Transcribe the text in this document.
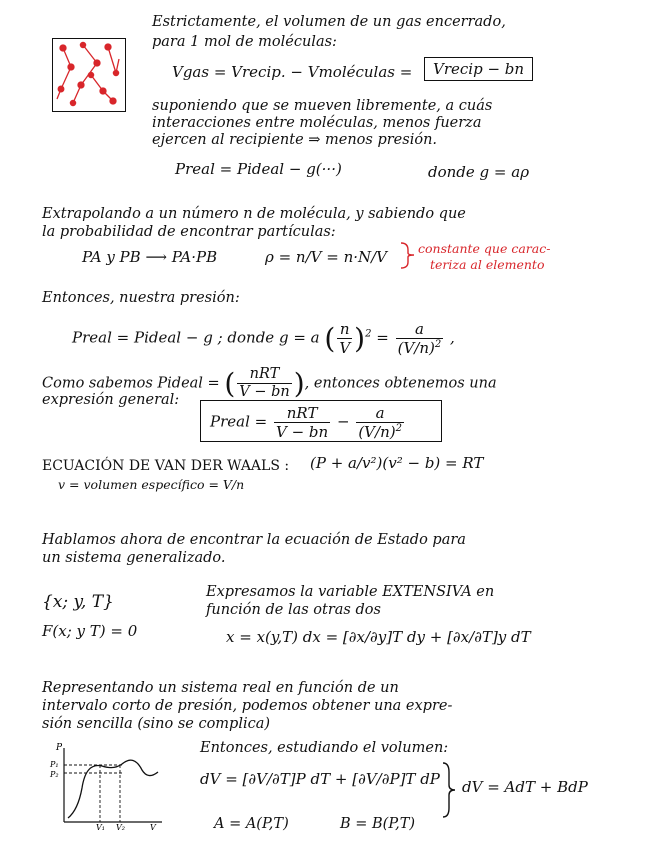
Estrictamente, el volumen de un gas encerrado,
para 1 mol de moléculas:
Vgas = Vrecip. − Vmoléculas =	Vrecip − bn
suponiendo que se mueven libremente, a cuás
interacciones entre moléculas, menos fuerza
ejercen al recipiente ⇒ menos presión.
Preal = Pideal − g(···)	donde g = aρ
Extrapolando a un número n de molécula, y sabiendo que
la probabilidad de encontrar partículas:
PA y PB ⟶ PA·PB	ρ = n/V = n·N/V constante que carac-
teriza al elemento
Entonces, nuestra presión:
Preal = Pideal − g ; donde g = a ( $\frac{n}{V} )^2 = \frac{a}{(V/n)^2}$ ,
Como sabemos Pideal = ( $\frac{\text{nRT}}{V - bn}$ ), entonces obtenemos una
expresión general:
Preal = $\frac{\text{nRT}}{V - bn} - \frac{a}{(V/n)^2}$
ECUACIÓN DE VAN DER WAALS : (P + a/v²)(v² − b) = RT
v = volumen específico = V/n
Hablamos ahora de encontrar la ecuación de Estado para
un sistema generalizado.
{x; y, T}
F(x; y T) = 0
Expresamos la variable EXTENSIVA en
función de las otras dos
x = x(y,T) dx = [∂x/∂y]T dy + [∂x/∂T]y dT
Representando un sistema real en función de un
intervalo corto de presión, podemos obtener una expre-
sión sencilla (sino se complica)
P
P₁
P₂
V₁ V₂	V
Entonces, estudiando el volumen:
dV = [∂V/∂T]P dT + [∂V/∂P]T dP dV = AdT + BdP
A = A(P,T)	B = B(P,T)
